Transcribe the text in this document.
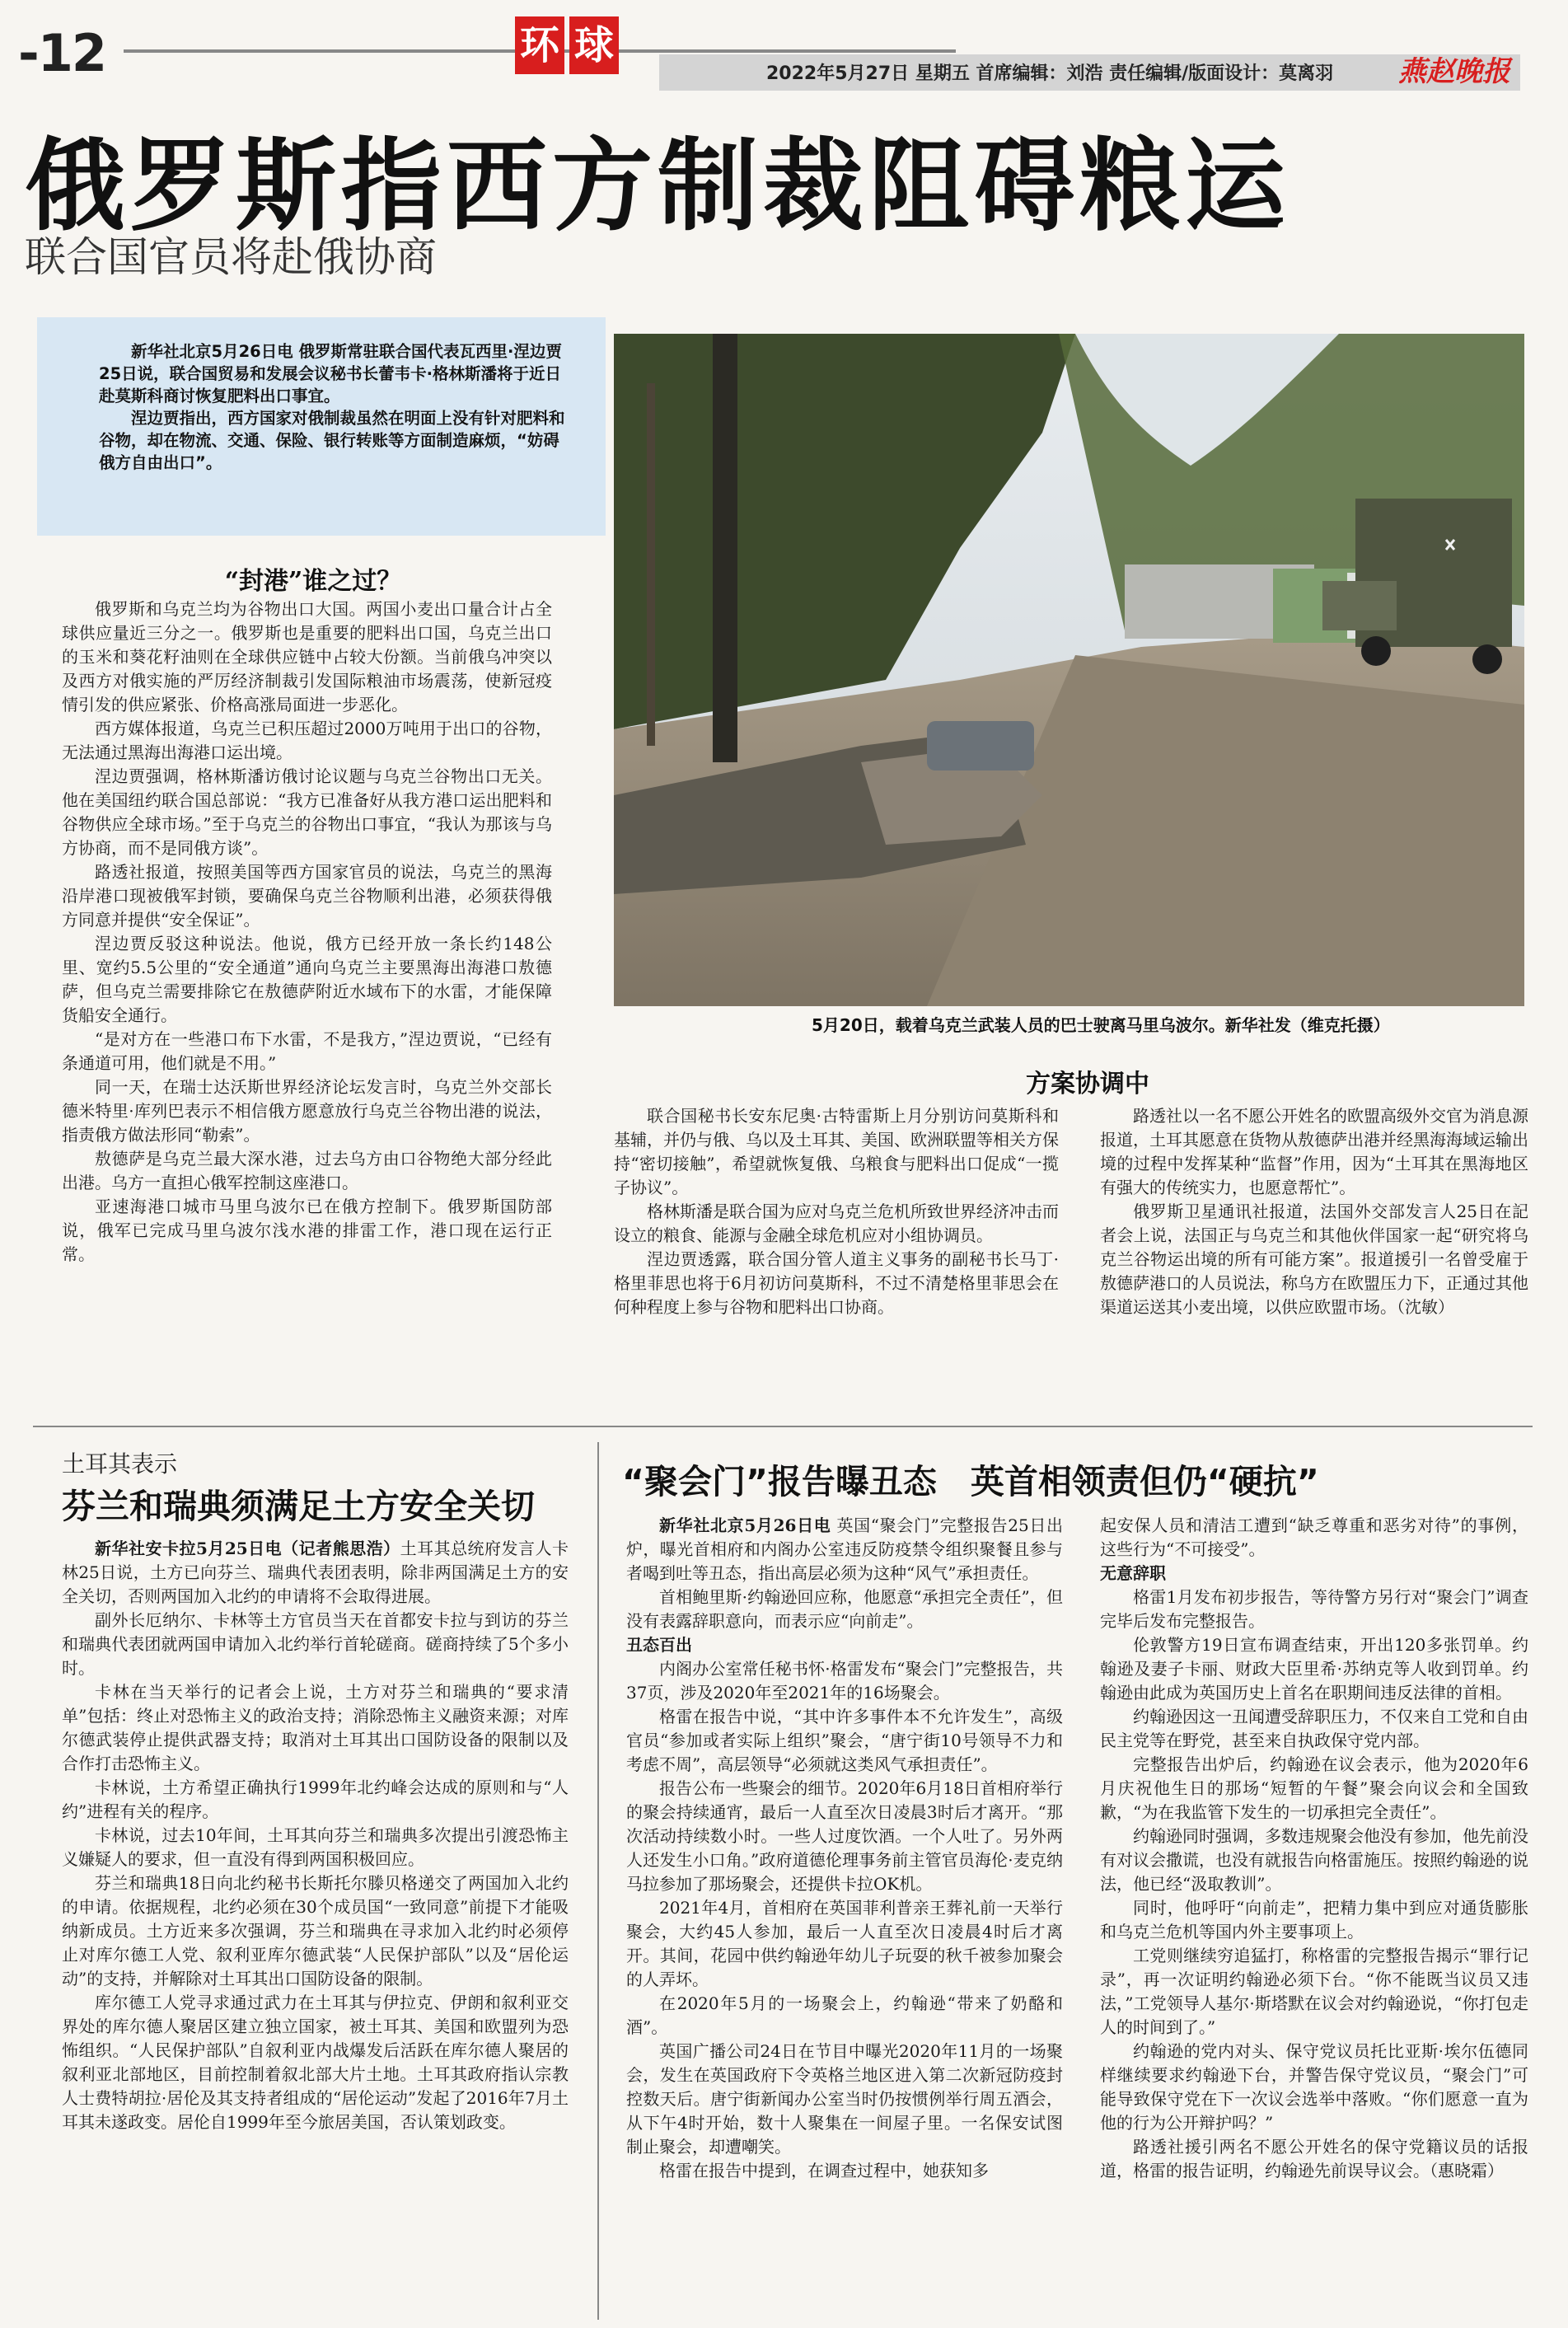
-12	环 球
2022年5月27日 星期五 首席编辑：刘浩 责任编辑/版面设计：莫离羽 燕赵晚报
俄罗斯指西方制裁阻碍粮运
联合国官员将赴俄协商

新华社北京5月26日电 俄罗斯常驻联合国代表瓦西里·涅边贾25日说，联合国贸易和发展会议秘书长蕾韦卡·格林斯潘将于近日赴莫斯科商讨恢复肥料出口事宜。

涅边贾指出，西方国家对俄制裁虽然在明面上没有针对肥料和谷物，却在物流、交通、保险、银行转账等方面制造麻烦，“妨碍俄方自由出口”。

5月20日，载着乌克兰武装人员的巴士驶离马里乌波尔。新华社发（维克托摄）
“封港”谁之过？

俄罗斯和乌克兰均为谷物出口大国。两国小麦出口量合计占全球供应量近三分之一。俄罗斯也是重要的肥料出口国，乌克兰出口的玉米和葵花籽油则在全球供应链中占较大份额。当前俄乌冲突以及西方对俄实施的严厉经济制裁引发国际粮油市场震荡，使新冠疫情引发的供应紧张、价格高涨局面进一步恶化。

西方媒体报道，乌克兰已积压超过2000万吨用于出口的谷物，无法通过黑海出海港口运出境。

涅边贾强调，格林斯潘访俄讨论议题与乌克兰谷物出口无关。他在美国纽约联合国总部说：“我方已准备好从我方港口运出肥料和谷物供应全球市场。”至于乌克兰的谷物出口事宜，“我认为那该与乌方协商，而不是同俄方谈”。

路透社报道，按照美国等西方国家官员的说法，乌克兰的黑海沿岸港口现被俄军封锁，要确保乌克兰谷物顺利出港，必须获得俄方同意并提供“安全保证”。

涅边贾反驳这种说法。他说，俄方已经开放一条长约148公里、宽约5.5公里的“安全通道”通向乌克兰主要黑海出海港口敖德萨，但乌克兰需要排除它在敖德萨附近水域布下的水雷，才能保障货船安全通行。

“是对方在一些港口布下水雷，不是我方，”涅边贾说，“已经有条通道可用，他们就是不用。”

同一天，在瑞士达沃斯世界经济论坛发言时，乌克兰外交部长德米特里·库列巴表示不相信俄方愿意放行乌克兰谷物出港的说法，指责俄方做法形同“勒索”。

敖德萨是乌克兰最大深水港，过去乌方由口谷物绝大部分经此出港。乌方一直担心俄军控制这座港口。

亚速海港口城市马里乌波尔已在俄方控制下。俄罗斯国防部说，俄军已完成马里乌波尔浅水港的排雷工作，港口现在运行正常。

方案协调中

联合国秘书长安东尼奥·古特雷斯上月分别访问莫斯科和基辅，并仍与俄、乌以及土耳其、美国、欧洲联盟等相关方保持“密切接触”，希望就恢复俄、乌粮食与肥料出口促成“一揽子协议”。

格林斯潘是联合国为应对乌克兰危机所致世界经济冲击而设立的粮食、能源与金融全球危机应对小组协调员。

涅边贾透露，联合国分管人道主义事务的副秘书长马丁·格里菲思也将于6月初访问莫斯科，不过不清楚格里菲思会在何种程度上参与谷物和肥料出口协商。

路透社以一名不愿公开姓名的欧盟高级外交官为消息源报道，土耳其愿意在货物从敖德萨出港并经黑海海域运输出境的过程中发挥某种“监督”作用，因为“土耳其在黑海地区有强大的传统实力，也愿意帮忙”。

俄罗斯卫星通讯社报道，法国外交部发言人25日在記者会上说，法国正与乌克兰和其他伙伴国家一起“研究将乌克兰谷物运出境的所有可能方案”。报道援引一名曾受雇于敖德萨港口的人员说法，称乌方在欧盟压力下，正通过其他渠道运送其小麦出境，以供应欧盟市场。（沈敏）

土耳其表示
芬兰和瑞典须满足土方安全关切

新华社安卡拉5月25日电（记者熊思浩）土耳其总统府发言人卡林25日说，土方已向芬兰、瑞典代表团表明，除非两国满足土方的安全关切，否则两国加入北约的申请将不会取得进展。

副外长厄纳尔、卡林等土方官员当天在首都安卡拉与到访的芬兰和瑞典代表团就两国申请加入北约举行首轮磋商。磋商持续了5个多小时。

卡林在当天举行的记者会上说，土方对芬兰和瑞典的“要求清单”包括：终止对恐怖主义的政治支持；消除恐怖主义融资来源；对库尔德武装停止提供武器支持；取消对土耳其出口国防设备的限制以及合作打击恐怖主义。

卡林说，土方希望正确执行1999年北约峰会达成的原则和与“人约”进程有关的程序。

卡林说，过去10年间，土耳其向芬兰和瑞典多次提出引渡恐怖主义嫌疑人的要求，但一直没有得到两国积极回应。

芬兰和瑞典18日向北约秘书长斯托尔滕贝格递交了两国加入北约的申请。依据规程，北约必须在30个成员国“一致同意”前提下才能吸纳新成员。土方近来多次强调，芬兰和瑞典在寻求加入北约时必须停止对库尔德工人党、叙利亚库尔德武装“人民保护部队”以及“居伦运动”的支持，并解除对土耳其出口国防设备的限制。

库尔德工人党寻求通过武力在土耳其与伊拉克、伊朗和叙利亚交界处的库尔德人聚居区建立独立国家，被土耳其、美国和欧盟列为恐怖组织。“人民保护部队”自叙利亚内战爆发后活跃在库尔德人聚居的叙利亚北部地区，目前控制着叙北部大片土地。土耳其政府指认宗教人士费特胡拉·居伦及其支持者组成的“居伦运动”发起了2016年7月土耳其未遂政变。居伦自1999年至今旅居美国，否认策划政变。

“聚会门”报告曝丑态　英首相领责但仍“硬抗”

新华社北京5月26日电 英国“聚会门”完整报告25日出炉，曝光首相府和内阁办公室违反防疫禁令组织聚餐且参与者喝到吐等丑态，指出高层必须为这种“风气”承担责任。

首相鲍里斯·约翰逊回应称，他愿意“承担完全责任”，但没有表露辞职意向，而表示应“向前走”。

丑态百出

内阁办公室常任秘书怀·格雷发布“聚会门”完整报告，共37页，涉及2020年至2021年的16场聚会。

格雷在报告中说，“其中许多事件本不允许发生”，高级官员“参加或者实际上组织”聚会，“唐宁街10号领导不力和考虑不周”，高层领导“必须就这类风气承担责任”。

报告公布一些聚会的细节。2020年6月18日首相府举行的聚会持续通宵，最后一人直至次日凌晨3时后才离开。“那次活动持续数小时。一些人过度饮酒。一个人吐了。另外两人还发生小口角。”政府道德伦理事务前主管官员海伦·麦克纳马拉参加了那场聚会，还提供卡拉OK机。

2021年4月，首相府在英国菲利普亲王葬礼前一天举行聚会，大约45人参加，最后一人直至次日凌晨4时后才离开。其间，花园中供约翰逊年幼儿子玩耍的秋千被参加聚会的人弄坏。

在2020年5月的一场聚会上，约翰逊“带来了奶酪和酒”。

英国广播公司24日在节目中曝光2020年11月的一场聚会，发生在英国政府下令英格兰地区进入第二次新冠防疫封控数天后。唐宁街新闻办公室当时仍按惯例举行周五酒会，从下午4时开始，数十人聚集在一间屋子里。一名保安试图制止聚会，却遭嘲笑。

格雷在报告中提到，在调查过程中，她获知多

起安保人员和清洁工遭到“缺乏尊重和恶劣对待”的事例，这些行为“不可接受”。

无意辞职

格雷1月发布初步报告，等待警方另行对“聚会门”调查完毕后发布完整报告。

伦敦警方19日宣布调查结束，开出120多张罚单。约翰逊及妻子卡丽、财政大臣里希·苏纳克等人收到罚单。约翰逊由此成为英国历史上首名在职期间违反法律的首相。

约翰逊因这一丑闻遭受辞职压力，不仅来自工党和自由民主党等在野党，甚至来自执政保守党内部。

完整报告出炉后，约翰逊在议会表示，他为2020年6月庆祝他生日的那场“短暂的午餐”聚会向议会和全国致歉，“为在我监管下发生的一切承担完全责任”。

约翰逊同时强调，多数违规聚会他没有参加，他先前没有对议会撒谎，也没有就报告向格雷施压。按照约翰逊的说法，他已经“汲取教训”。

同时，他呼吁“向前走”，把精力集中到应对通货膨胀和乌克兰危机等国内外主要事项上。

工党则继续穷追猛打，称格雷的完整报告揭示“罪行记录”，再一次证明约翰逊必须下台。“你不能既当议员又违法，”工党领导人基尔·斯塔默在议会对约翰逊说，“你打包走人的时间到了。”

约翰逊的党内对头、保守党议员托比亚斯·埃尔伍德同样继续要求约翰逊下台，并警告保守党议员，“聚会门”可能导致保守党在下一次议会选举中落败。“你们愿意一直为他的行为公开辩护吗？”

路透社援引两名不愿公开姓名的保守党籍议员的话报道，格雷的报告证明，约翰逊先前误导议会。（惠晓霜）
